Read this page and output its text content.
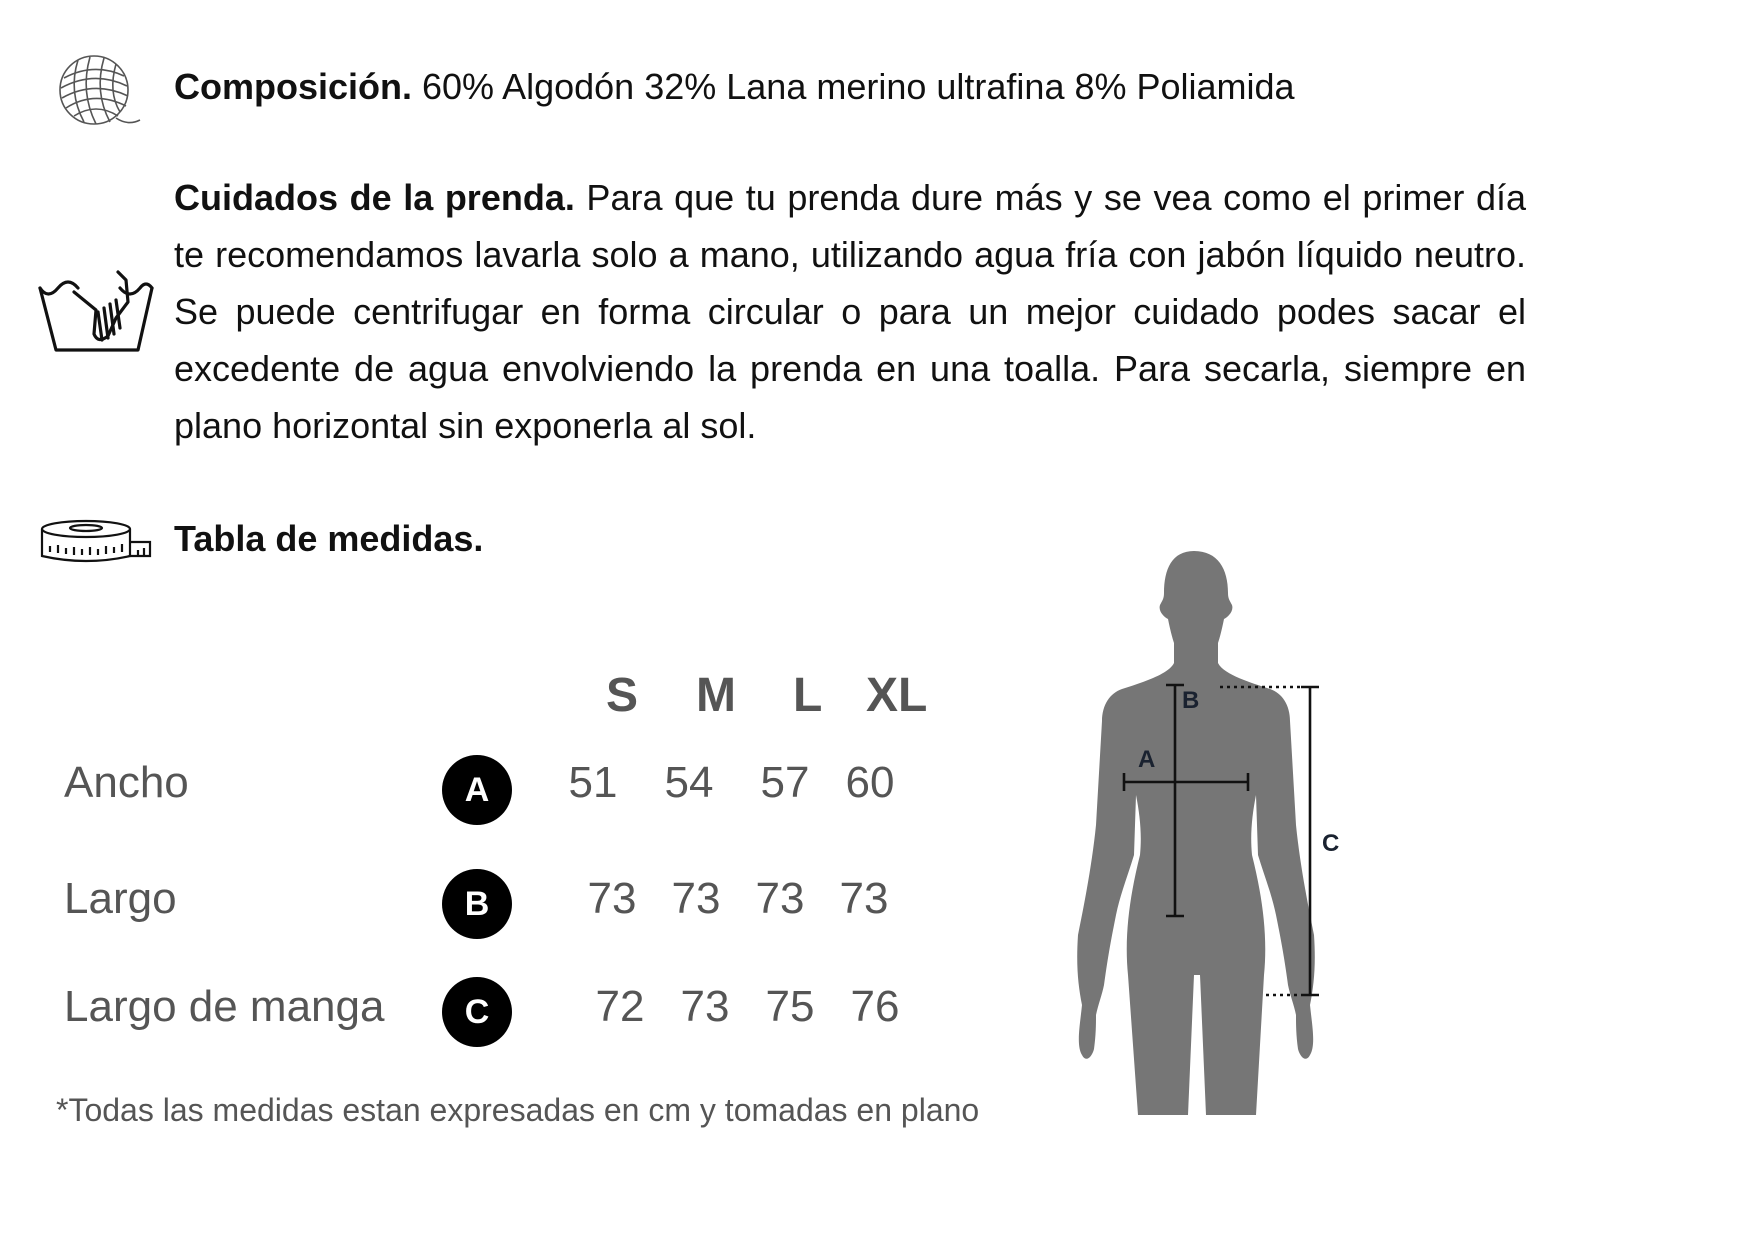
Composición. 60% Algodón 32% Lana merino ultrafina 8% Poliamida
Cuidados de la prenda. Para que tu prenda dure más y se vea como el primer día te recomendamos lavarla solo a mano, utilizando agua fría con jabón líquido neutro. Se puede centrifugar en forma circular o para un mejor cuidado podes sacar el excedente de agua envolviendo la prenda en una toalla. Para secarla, siempre en plano horizontal sin exponerla al sol.
Tabla de medidas.
S M L XL
Ancho	A	51	54	57 60
Largo	B	73 73 73 73
Largo de manga	C	72 73 75 76
*Todas las medidas estan expresadas en cm y tomadas en plano
B
A
C
